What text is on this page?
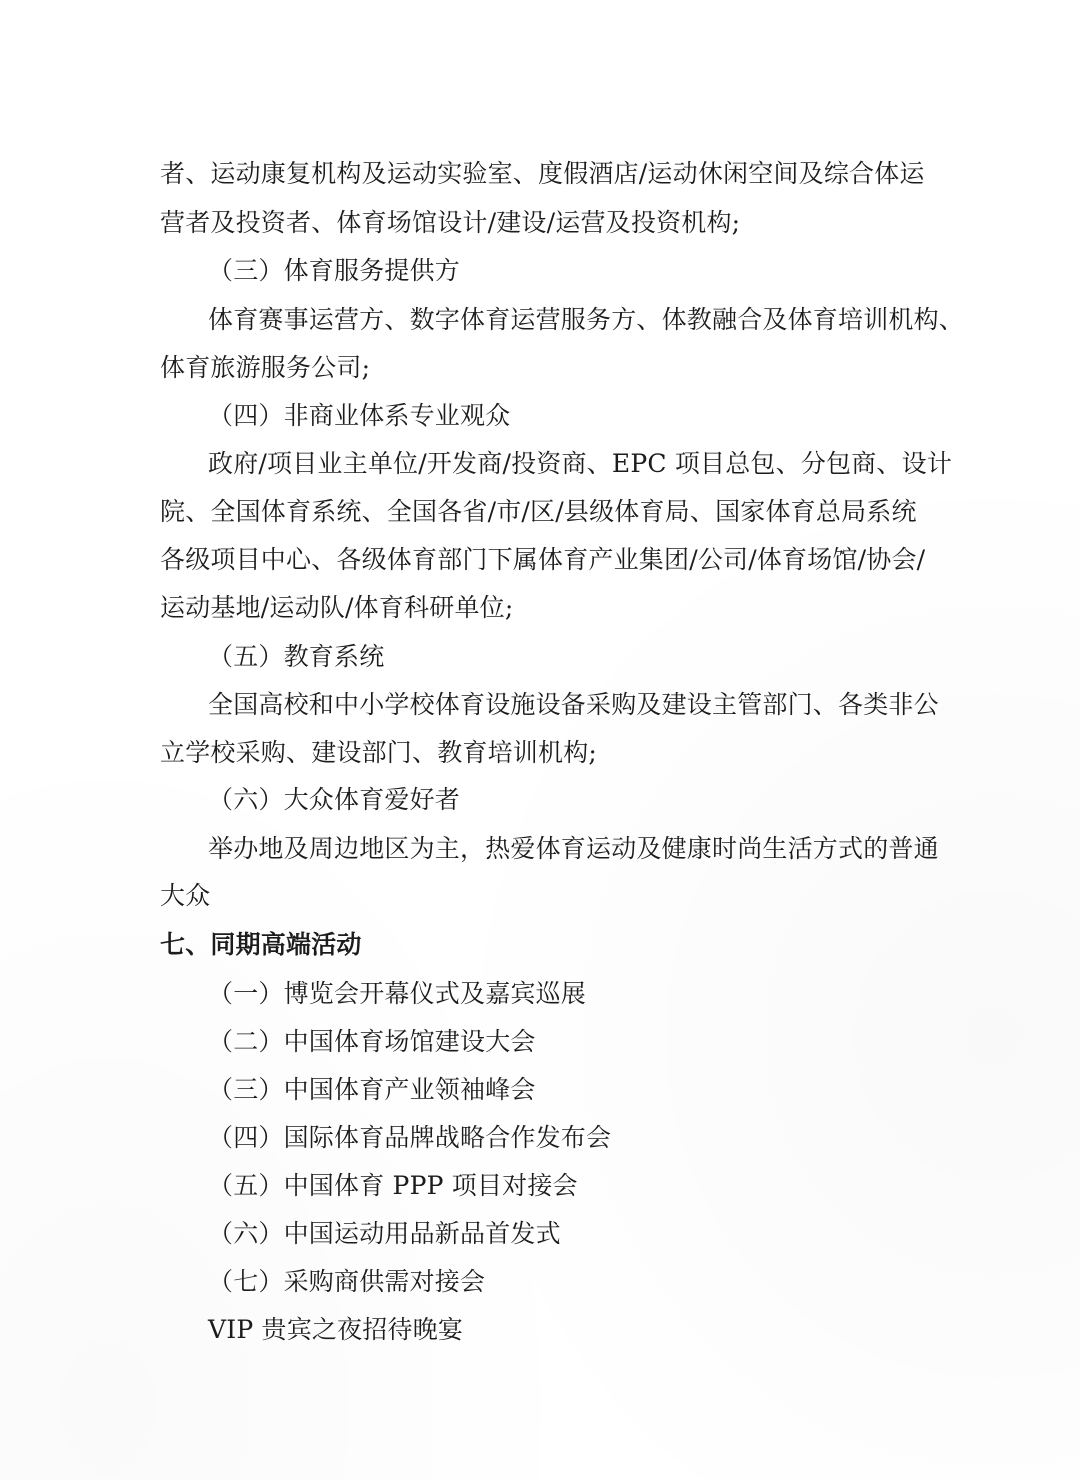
者、运动康复机构及运动实验室、度假酒店/运动休闲空间及综合体运
营者及投资者、体育场馆设计/建设/运营及投资机构;
（三）体育服务提供方
体育赛事运营方、数字体育运营服务方、体教融合及体育培训机构、
体育旅游服务公司;
（四）非商业体系专业观众
政府/项目业主单位/开发商/投资商、EPC 项目总包、分包商、设计
院、全国体育系统、全国各省/市/区/县级体育局、国家体育总局系统
各级项目中心、各级体育部门下属体育产业集团/公司/体育场馆/协会/
运动基地/运动队/体育科研单位;
（五）教育系统
全国高校和中小学校体育设施设备采购及建设主管部门、各类非公
立学校采购、建设部门、教育培训机构;
（六）大众体育爱好者
举办地及周边地区为主，热爱体育运动及健康时尚生活方式的普通
大众
七、同期高端活动
（一）博览会开幕仪式及嘉宾巡展
（二）中国体育场馆建设大会
（三）中国体育产业领袖峰会
（四）国际体育品牌战略合作发布会
（五）中国体育 PPP 项目对接会
（六）中国运动用品新品首发式
（七）采购商供需对接会
VIP 贵宾之夜招待晚宴
